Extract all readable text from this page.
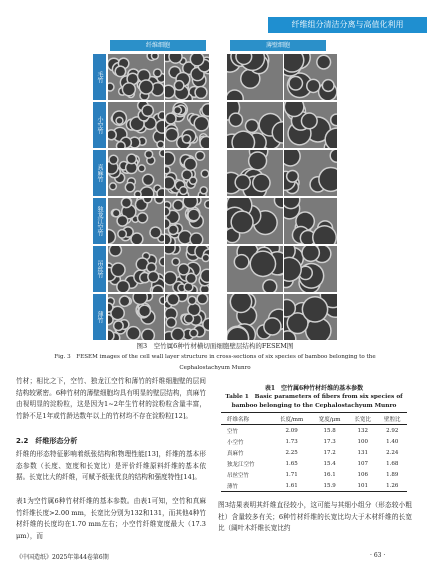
纤维组分清洁分离与高值化利用
纤维细胞	薄壁细胞
毛竹
小空竹
真麻竹
独龙江空竹
吊丝竹
薄竹
图3　空竹属6种竹材横切面细胞壁层结构的FESEM图
Fig. 3　FESEM images of the cell wall layer structure in cross-sections of six species of bamboo belonging to the Cephalostachyum Munro
竹材；相比之下，空竹、独龙江空竹和薄竹的纤维细胞壁的层间结构较紧密。6种竹材的薄壁细胞均具有明显的壁层结构，真麻竹由视明显的淀粉粒，这是因为1~2年生竹材的淀粉粒含量丰富，竹龄不足1年或竹龄达数年以上的竹材均不存在淀粉粒[12]。
2.2　纤维形态分析
纤维的形态特征影响着纸张结构和物理性能[13]，纤维的基本形态参数（长度、宽度和长宽比）是评价纤维原料纤维的基本依据。长宽比大的纤维，可赋予纸张优良的结构和强度特性[14]。
表1为空竹属6种竹材纤维的基本参数。由表1可知，空竹和真麻竹纤维长度>2.00 mm，长宽比分别为132和131，而其他4种竹材纤维的长度均在1.70 mm左右；小空竹纤维宽度最大（17.3 μm），而
表1　空竹属6种竹材纤维的基本参数
Table 1　Basic parameters of fibers from six species of bamboo belonging to the Cephalostachyum Munro
纤维名称	长度/mm	宽度/μm	长宽比	壁腔比
空竹	2.09	15.8	132	2.92
小空竹	1.73	17.3	100	1.40
真麻竹	2.25	17.2	131	2.24
独龙江空竹	1.65	15.4	107	1.68
吊丝空竹	1.71	16.1	106	1.89
薄竹	1.61	15.9	101	1.26
图3结果表明其纤维直径较小，这可能与其细小组分（形态较小粗杜）含量较多有关；6种竹材纤维的长宽比均大于木材纤维的长宽比（阔叶木纤维长宽比约
《中国造纸》2025年第44卷第6期	· 63 ·
